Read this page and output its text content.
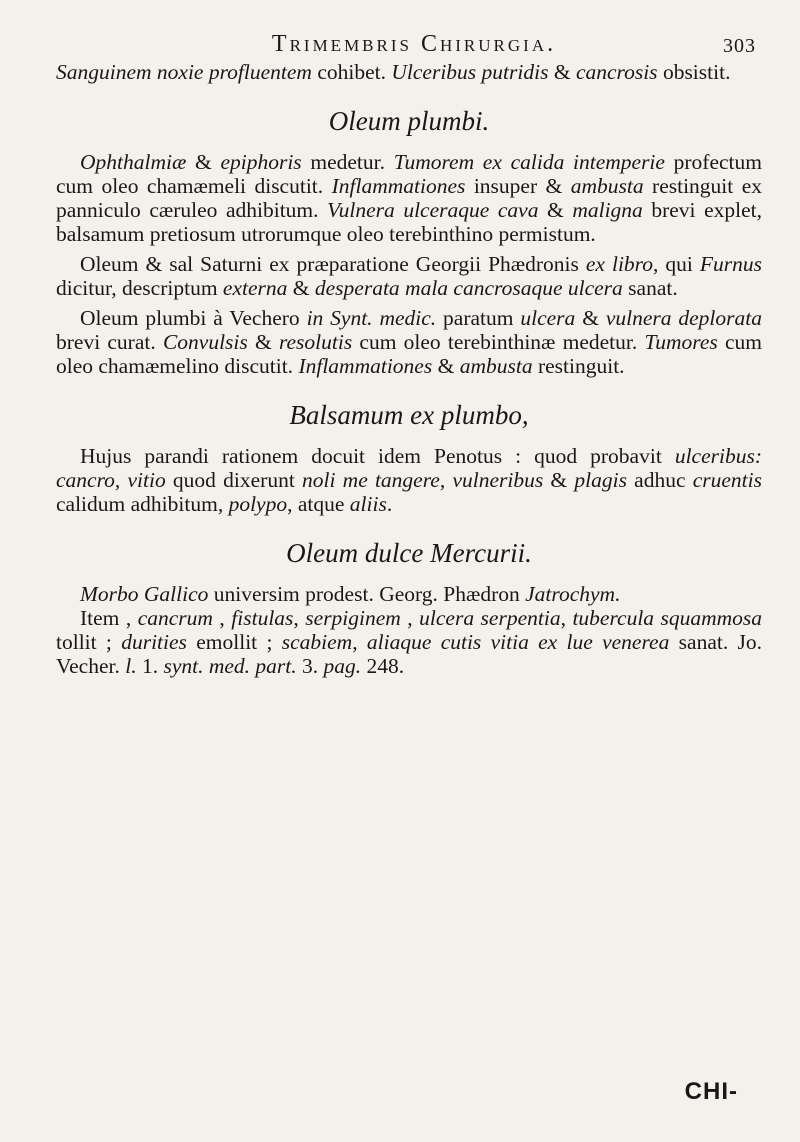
Trimembris Chirurgia.	303

Sanguinem noxie profluentem cohibet. Ulceribus putridis & cancrosis obsistit.

Oleum plumbi.

Ophthalmiæ & epiphoris medetur. Tumorem ex calida intemperie profectum cum oleo chamæmeli discutit. Inflammationes insuper & ambusta restinguit ex panniculo cæruleo adhibitum. Vulnera ulceraque cava & maligna brevi explet, balsamum pretiosum utrorumque oleo terebinthino permistum.

Oleum & sal Saturni ex præparatione Georgii Phædronis ex libro, qui Furnus dicitur, descriptum externa & desperata mala cancrosaque ulcera sanat.

Oleum plumbi à Vechero in Synt. medic. paratum ulcera & vulnera deplorata brevi curat. Convulsis & resolutis cum oleo terebinthinæ medetur. Tumores cum oleo chamæmelino discutit. Inflammationes & ambusta restinguit.

Balsamum ex plumbo,

Hujus parandi rationem docuit idem Penotus : quod probavit ulceribus: cancro, vitio quod dixerunt noli me tangere, vulneribus & plagis adhuc cruentis calidum adhibitum, polypo, atque aliis.

Oleum dulce Mercurii.

Morbo Gallico universim prodest. Georg. Phædron Jatrochym.

Item , cancrum , fistulas, serpiginem , ulcera serpentia, tubercula squammosa tollit ; durities emollit ; scabiem, aliaque cutis vitia ex lue venerea sanat. Jo. Vecher. l. 1. synt. med. part. 3. pag. 248.

CHI-
